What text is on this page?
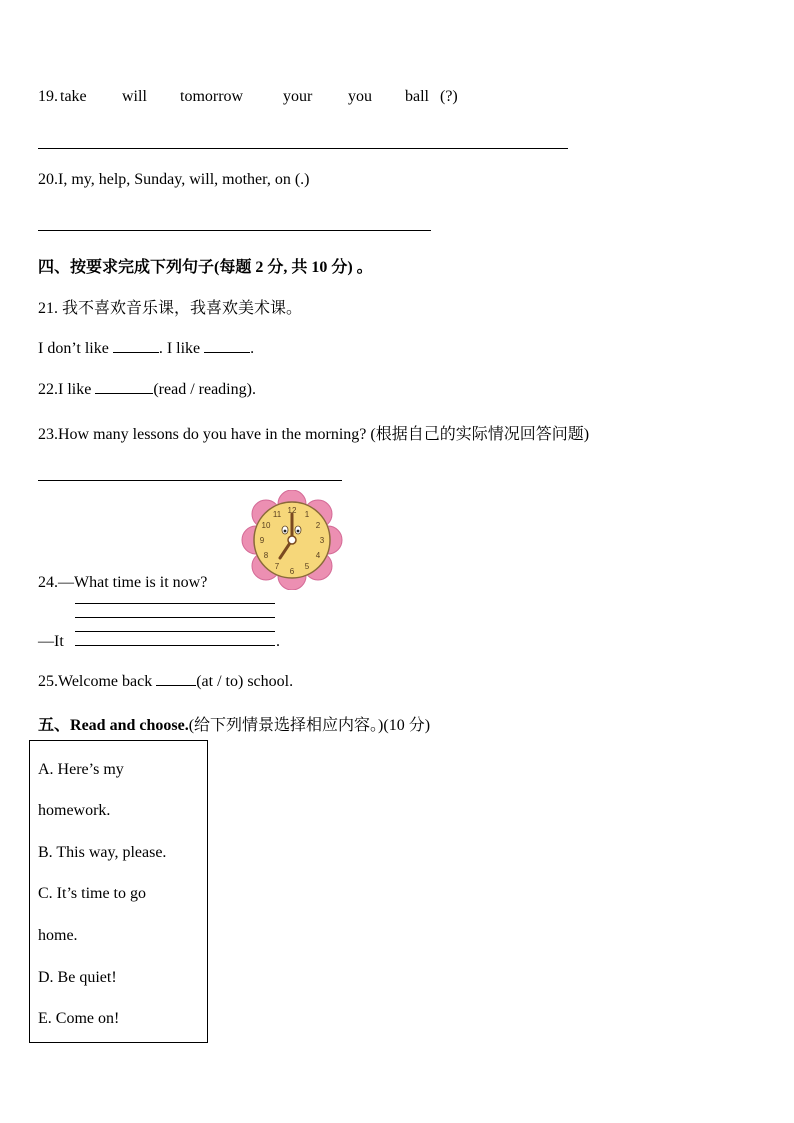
19. take will tomorrow your you ball (?)
20.I, my, help, Sunday, will, mother, on (.)
四、按要求完成下列句子(每题 2 分, 共 10 分) 。
21. 我不喜欢音乐课，我喜欢美术课。
I don’t like	. I like	.
22.I like	(read / reading).
23.How many lessons do you have in the morning? (根据自己的实际情况回答问题)
12 1
2
3
4
5
6
7
8
9
10
11
24.—What time is it now?
—It	.
25.Welcome back	(at / to) school.
五、Read and choose.(给下列情景选择相应内容。)(10 分)
A. Here’s my
homework.
B. This way, please.
C. It’s time to go
home.
D. Be quiet!
E. Come on!
